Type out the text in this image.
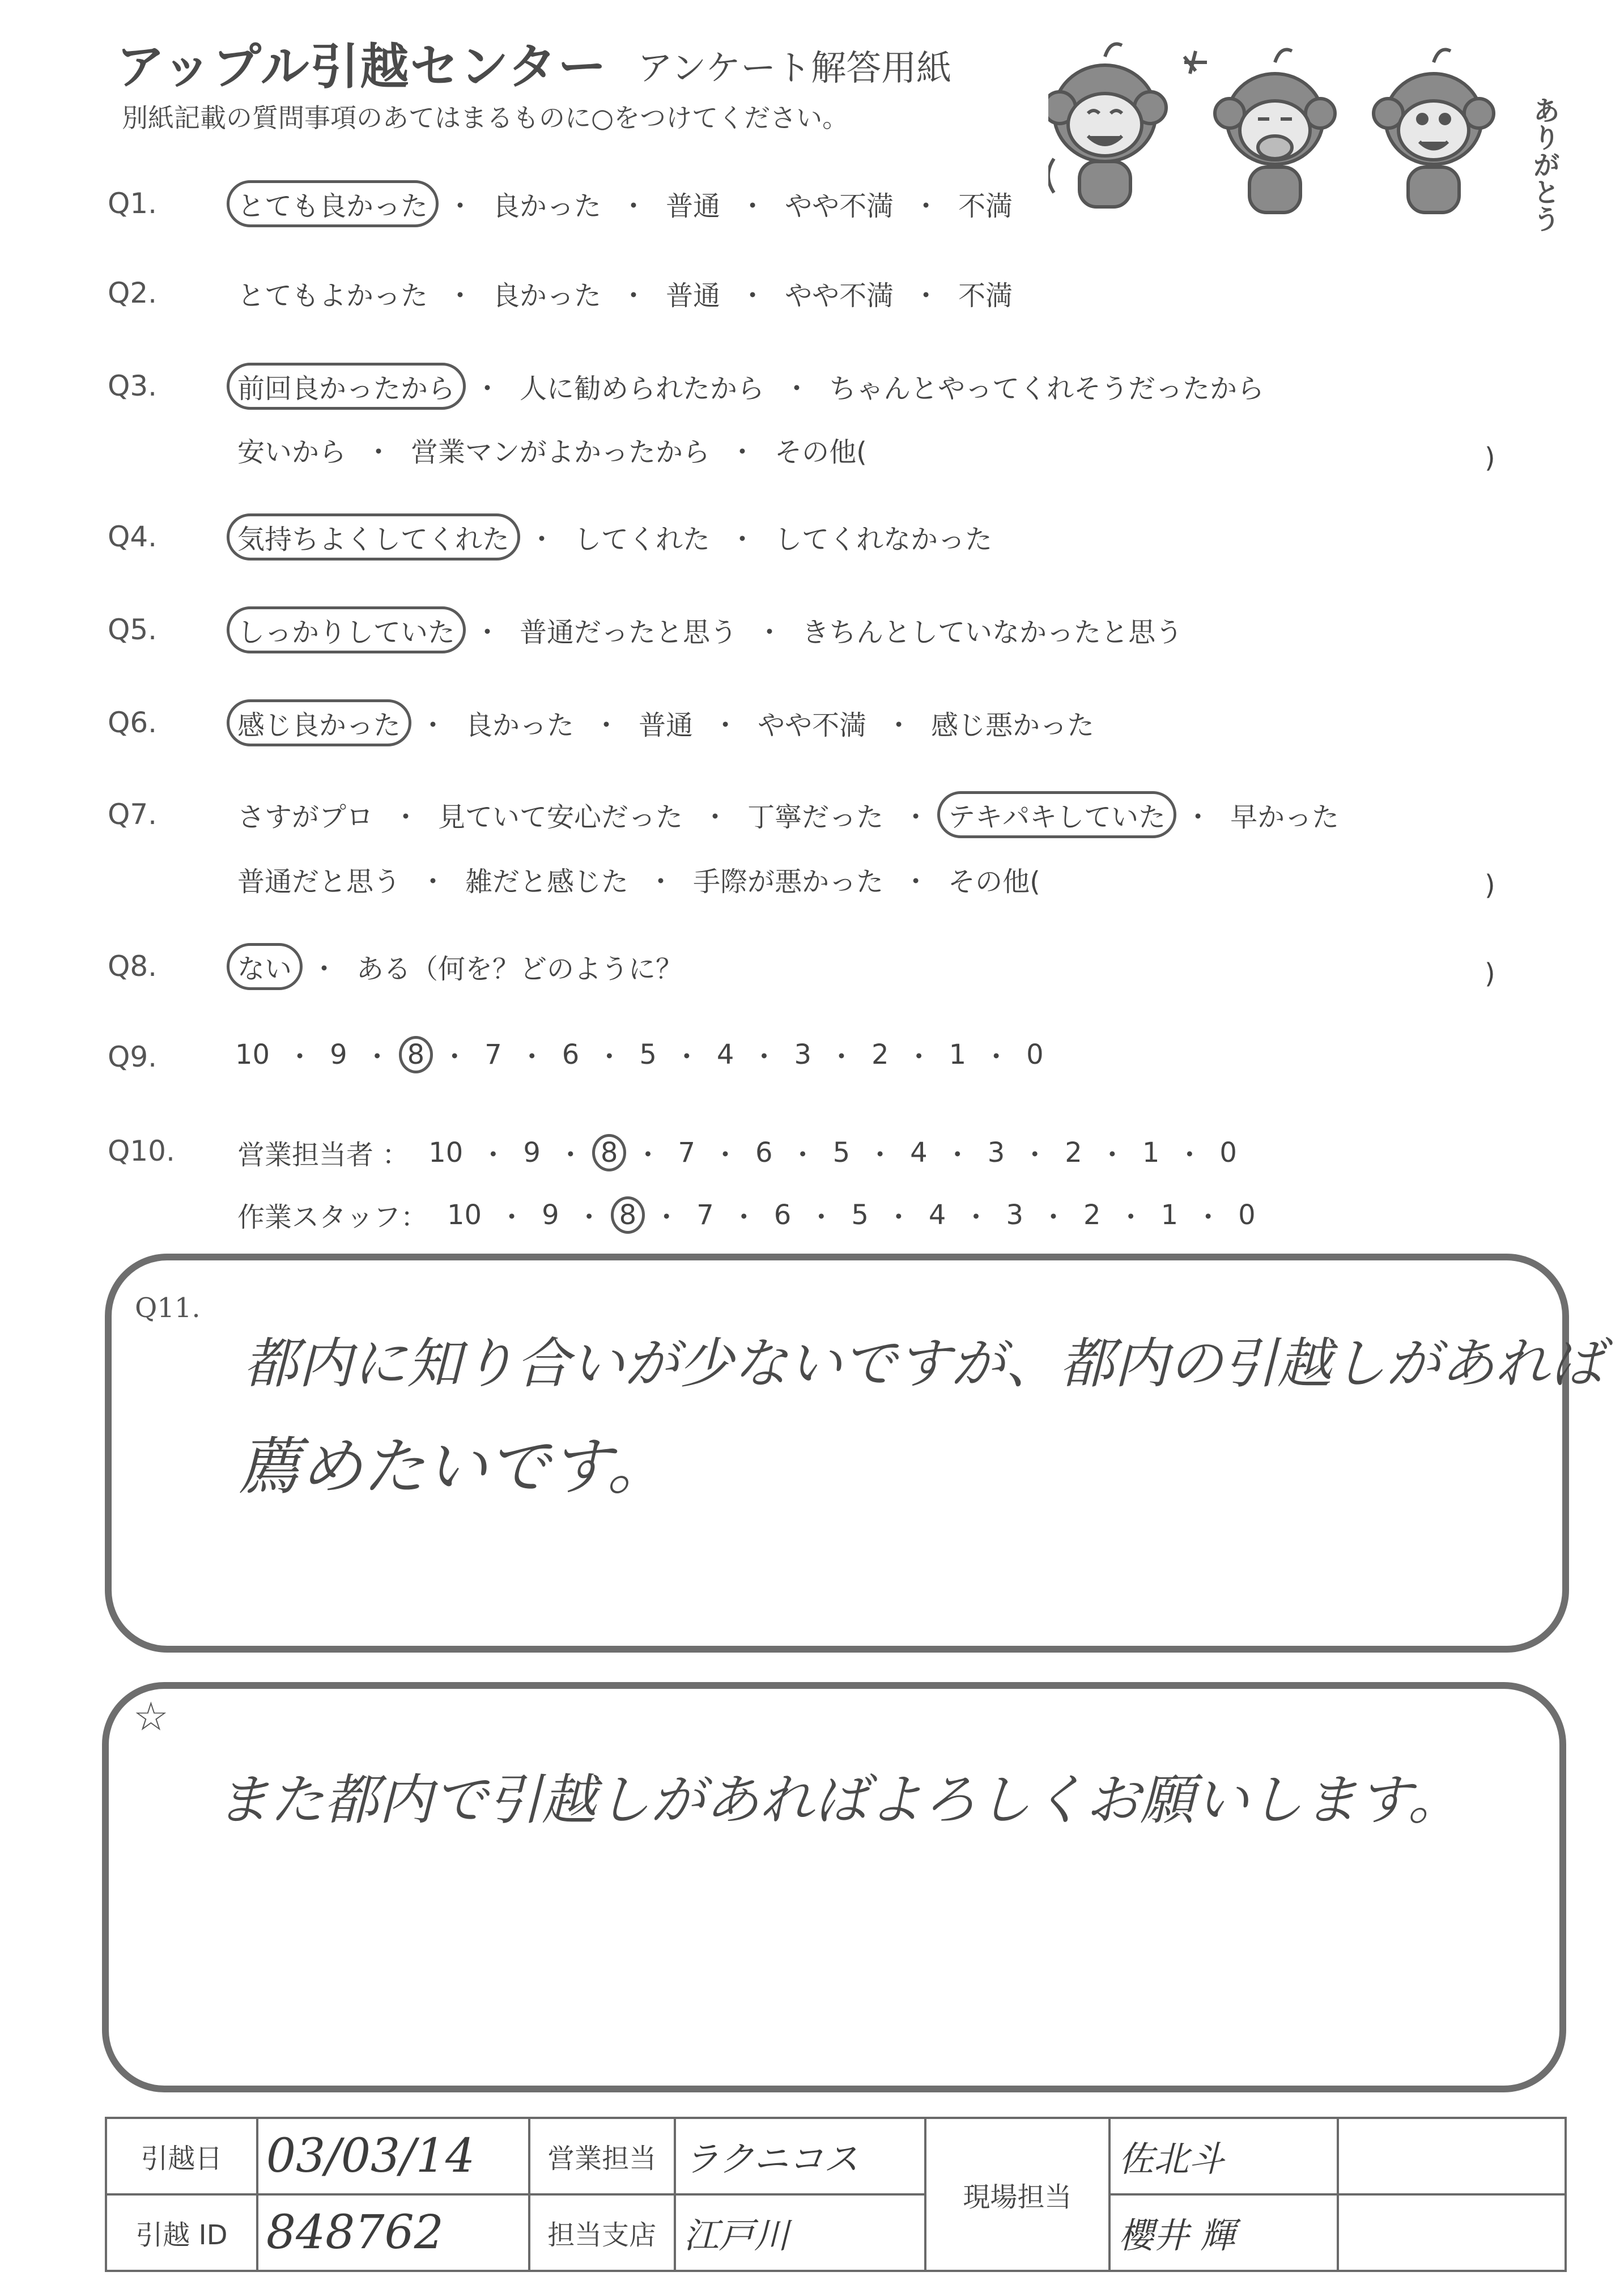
アップル引越センター アンケート解答用紙
別紙記載の質問事項のあてはまるものに○をつけてください。	ありがとう
Q1.	とても良かった ・ 良かった ・ 普通 ・ やや不満 ・ 不満
Q2.	とてもよかった ・ 良かった ・ 普通 ・ やや不満 ・ 不満
Q3.	前回良かったから ・ 人に勧められたから ・ ちゃんとやってくれそうだったから
安いから ・ 営業マンがよかったから ・ その他(	)
Q4.	気持ちよくしてくれた ・ してくれた ・ してくれなかった
Q5.	しっかりしていた ・ 普通だったと思う ・ きちんとしていなかったと思う
Q6.	感じ良かった ・ 良かった ・ 普通 ・ やや不満 ・ 感じ悪かった
Q7.	さすがプロ ・ 見ていて安心だった ・ 丁寧だった ・ テキパキしていた ・ 早かった
普通だと思う ・ 雑だと感じた ・ 手際が悪かった ・ その他(	)
Q8.	ない ・ ある（何を？どのように？	)
Q9.	10 ・ 9 ・ 8 ・ 7 ・ 6 ・ 5 ・ 4 ・ 3 ・ 2 ・ 1 ・ 0
Q10.	営業担当者 ： 10 ・ 9 ・ 8 ・ 7 ・ 6 ・ 5 ・ 4 ・ 3 ・ 2 ・ 1 ・ 0
作業スタッフ： 10 ・ 9 ・ 8 ・ 7 ・ 6 ・ 5 ・ 4 ・ 3 ・ 2 ・ 1 ・ 0
Q11.
都内に知り合いが少ないですが、都内の引越しがあれば
薦めたいです。
☆
また都内で引越しがあればよろしくお願いします。
引越日	03/03/14	営業担当	ラクニコス	現場担当	佐北斗	
引越 ID	848762	担当支店	江戸川		櫻井 輝	
